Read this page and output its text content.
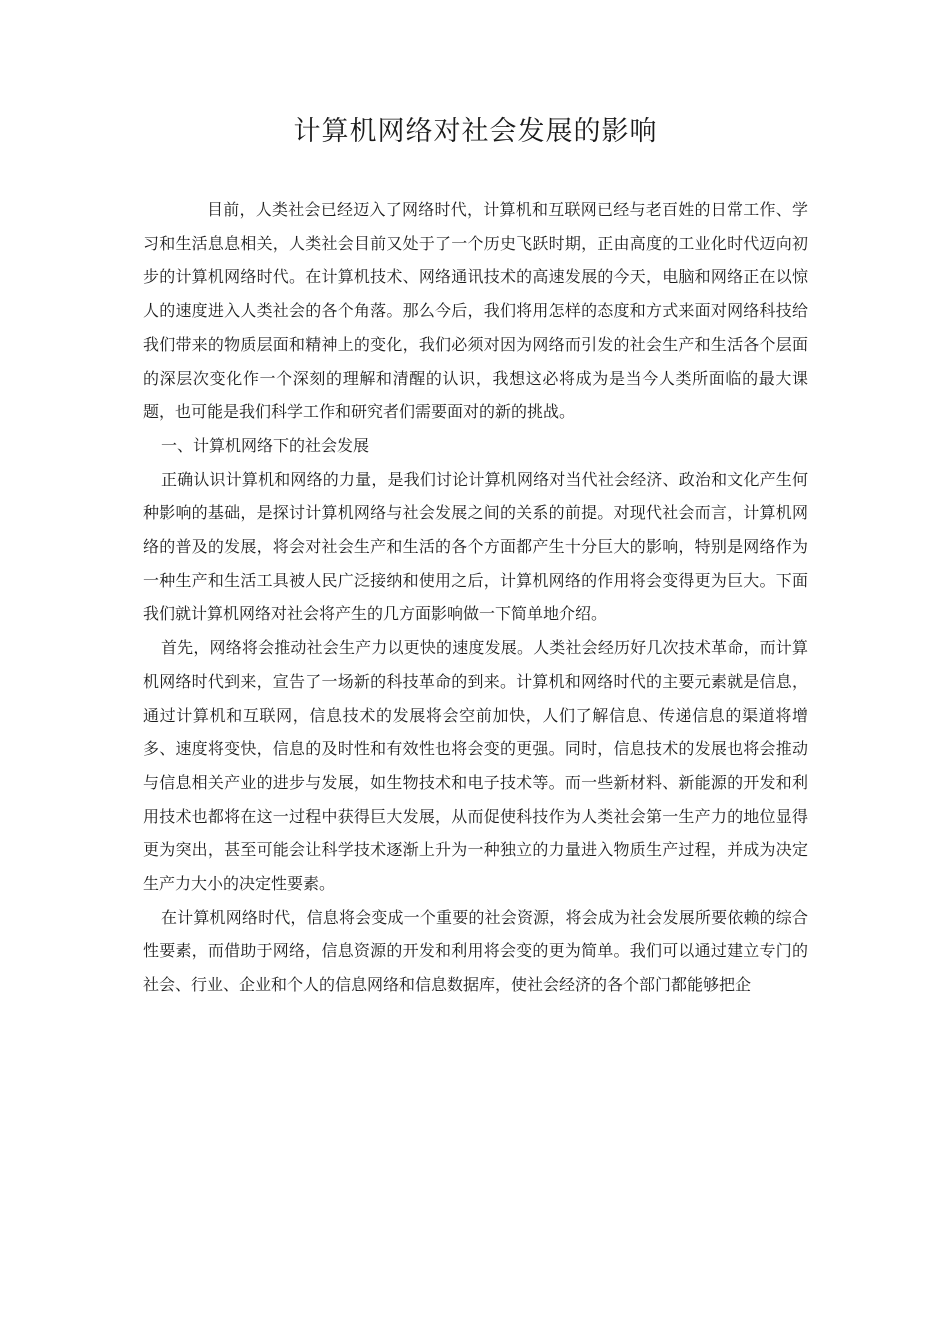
计算机网络对社会发展的影响

目前，人类社会已经迈入了网络时代，计算机和互联网已经与老百姓的日常工作、学习和生活息息相关，人类社会目前又处于了一个历史飞跃时期，正由高度的工业化时代迈向初步的计算机网络时代。在计算机技术、网络通讯技术的高速发展的今天，电脑和网络正在以惊人的速度进入人类社会的各个角落。那么今后，我们将用怎样的态度和方式来面对网络科技给我们带来的物质层面和精神上的变化，我们必须对因为网络而引发的社会生产和生活各个层面的深层次变化作一个深刻的理解和清醒的认识，我想这必将成为是当今人类所面临的最大课题，也可能是我们科学工作和研究者们需要面对的新的挑战。

一、计算机网络下的社会发展

正确认识计算机和网络的力量，是我们讨论计算机网络对当代社会经济、政治和文化产生何种影响的基础，是探讨计算机网络与社会发展之间的关系的前提。对现代社会而言，计算机网络的普及的发展，将会对社会生产和生活的各个方面都产生十分巨大的影响，特别是网络作为一种生产和生活工具被人民广泛接纳和使用之后，计算机网络的作用将会变得更为巨大。下面我们就计算机网络对社会将产生的几方面影响做一下简单地介绍。

首先，网络将会推动社会生产力以更快的速度发展。人类社会经历好几次技术革命，而计算机网络时代到来，宣告了一场新的科技革命的到来。计算机和网络时代的主要元素就是信息，通过计算机和互联网，信息技术的发展将会空前加快，人们了解信息、传递信息的渠道将增多、速度将变快，信息的及时性和有效性也将会变的更强。同时，信息技术的发展也将会推动与信息相关产业的进步与发展，如生物技术和电子技术等。而一些新材料、新能源的开发和利用技术也都将在这一过程中获得巨大发展，从而促使科技作为人类社会第一生产力的地位显得更为突出，甚至可能会让科学技术逐渐上升为一种独立的力量进入物质生产过程，并成为决定生产力大小的决定性要素。

在计算机网络时代，信息将会变成一个重要的社会资源，将会成为社会发展所要依赖的综合性要素，而借助于网络，信息资源的开发和利用将会变的更为简单。我们可以通过建立专门的社会、行业、企业和个人的信息网络和信息数据库，使社会经济的各个部门都能够把企
